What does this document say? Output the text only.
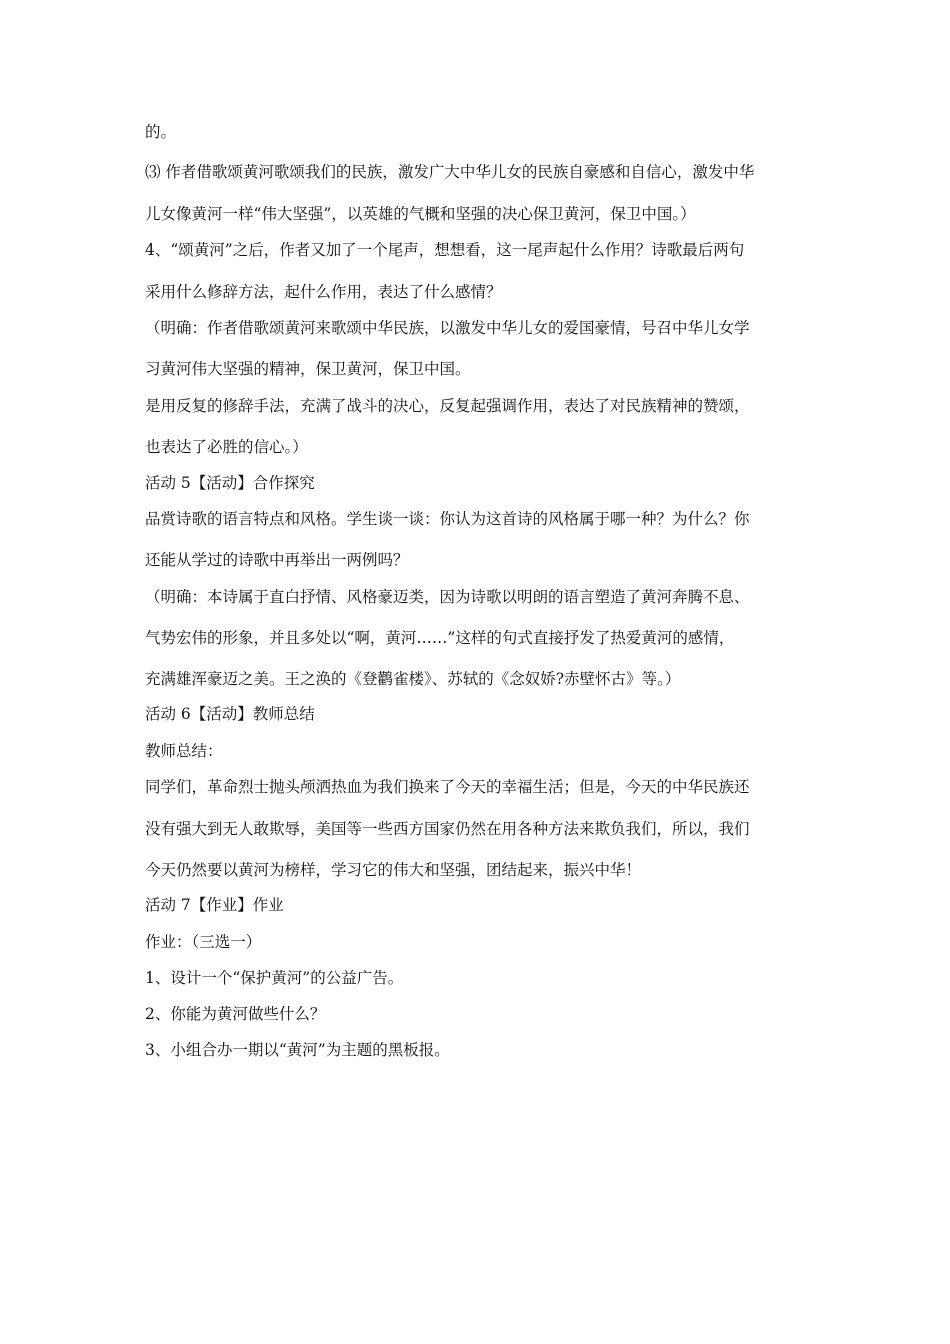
的。
⑶ 作者借歌颂黄河歌颂我们的民族，激发广大中华儿女的民族自豪感和自信心，激发中华
儿女像黄河一样“伟大坚强”，以英雄的气概和坚强的决心保卫黄河，保卫中国。）
4、“颂黄河”之后，作者又加了一个尾声，想想看，这一尾声起什么作用？诗歌最后两句
采用什么修辞方法，起什么作用，表达了什么感情？
（明确：作者借歌颂黄河来歌颂中华民族，以激发中华儿女的爱国豪情，号召中华儿女学
习黄河伟大坚强的精神，保卫黄河，保卫中国。
是用反复的修辞手法，充满了战斗的决心，反复起强调作用，表达了对民族精神的赞颂，
也表达了必胜的信心。）
活动 5【活动】合作探究
品赏诗歌的语言特点和风格。学生谈一谈：你认为这首诗的风格属于哪一种？为什么？你
还能从学过的诗歌中再举出一两例吗？
（明确：本诗属于直白抒情、风格豪迈类，因为诗歌以明朗的语言塑造了黄河奔腾不息、
气势宏伟的形象，并且多处以“啊，黄河……”这样的句式直接抒发了热爱黄河的感情，
充满雄浑豪迈之美。王之涣的《登鹳雀楼》、苏轼的《念奴娇?赤壁怀古》等。）
活动 6【活动】教师总结
教师总结：
同学们，革命烈士抛头颅洒热血为我们换来了今天的幸福生活；但是，今天的中华民族还
没有强大到无人敢欺辱，美国等一些西方国家仍然在用各种方法来欺负我们，所以，我们
今天仍然要以黄河为榜样，学习它的伟大和坚强，团结起来，振兴中华！
活动 7【作业】作业
作业：（三选一）
1、设计一个“保护黄河”的公益广告。
2、你能为黄河做些什么？
3、小组合办一期以“黄河”为主题的黑板报。
